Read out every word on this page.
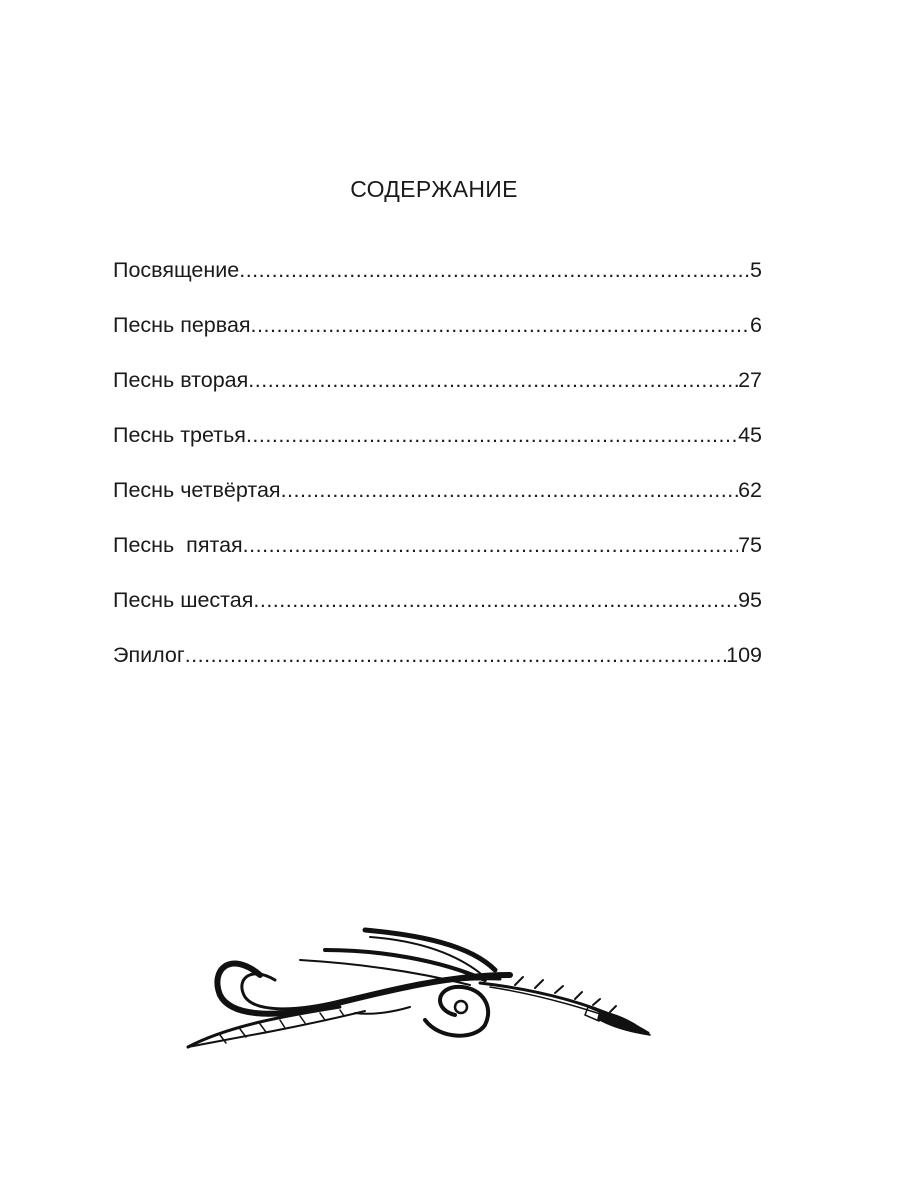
СОДЕРЖАНИЕ
Посвящение .....	5
Песнь первая .....	6
Песнь вторая .....	27
Песнь третья .....	45
Песнь четвёртая .....	62
Песнь  пятая .....	75
Песнь шестая .....	95
Эпилог .....	109
